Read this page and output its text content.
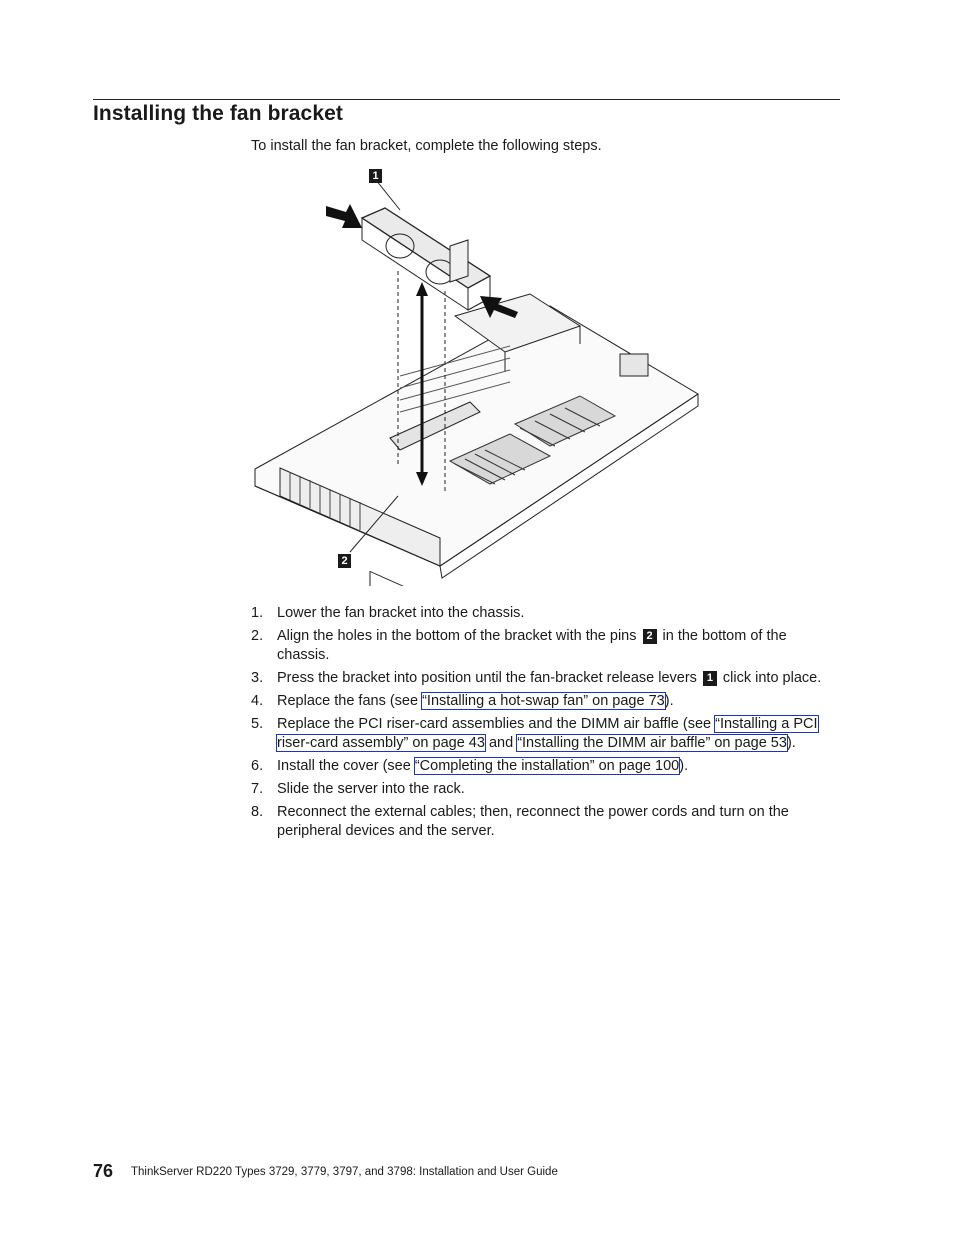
Installing the fan bracket
To install the fan bracket, complete the following steps.
1
2
1. Lower the fan bracket into the chassis.
2. Align the holes in the bottom of the bracket with the pins 2 in the bottom of the chassis.
3. Press the bracket into position until the fan-bracket release levers 1 click into place.
4. Replace the fans (see “Installing a hot-swap fan” on page 73).
5. Replace the PCI riser-card assemblies and the DIMM air baffle (see “Installing a PCI riser-card assembly” on page 43 and “Installing the DIMM air baffle” on page 53).
6. Install the cover (see “Completing the installation” on page 100).
7. Slide the server into the rack.
8. Reconnect the external cables; then, reconnect the power cords and turn on the peripheral devices and the server.
76 ThinkServer RD220 Types 3729, 3779, 3797, and 3798: Installation and User Guide
